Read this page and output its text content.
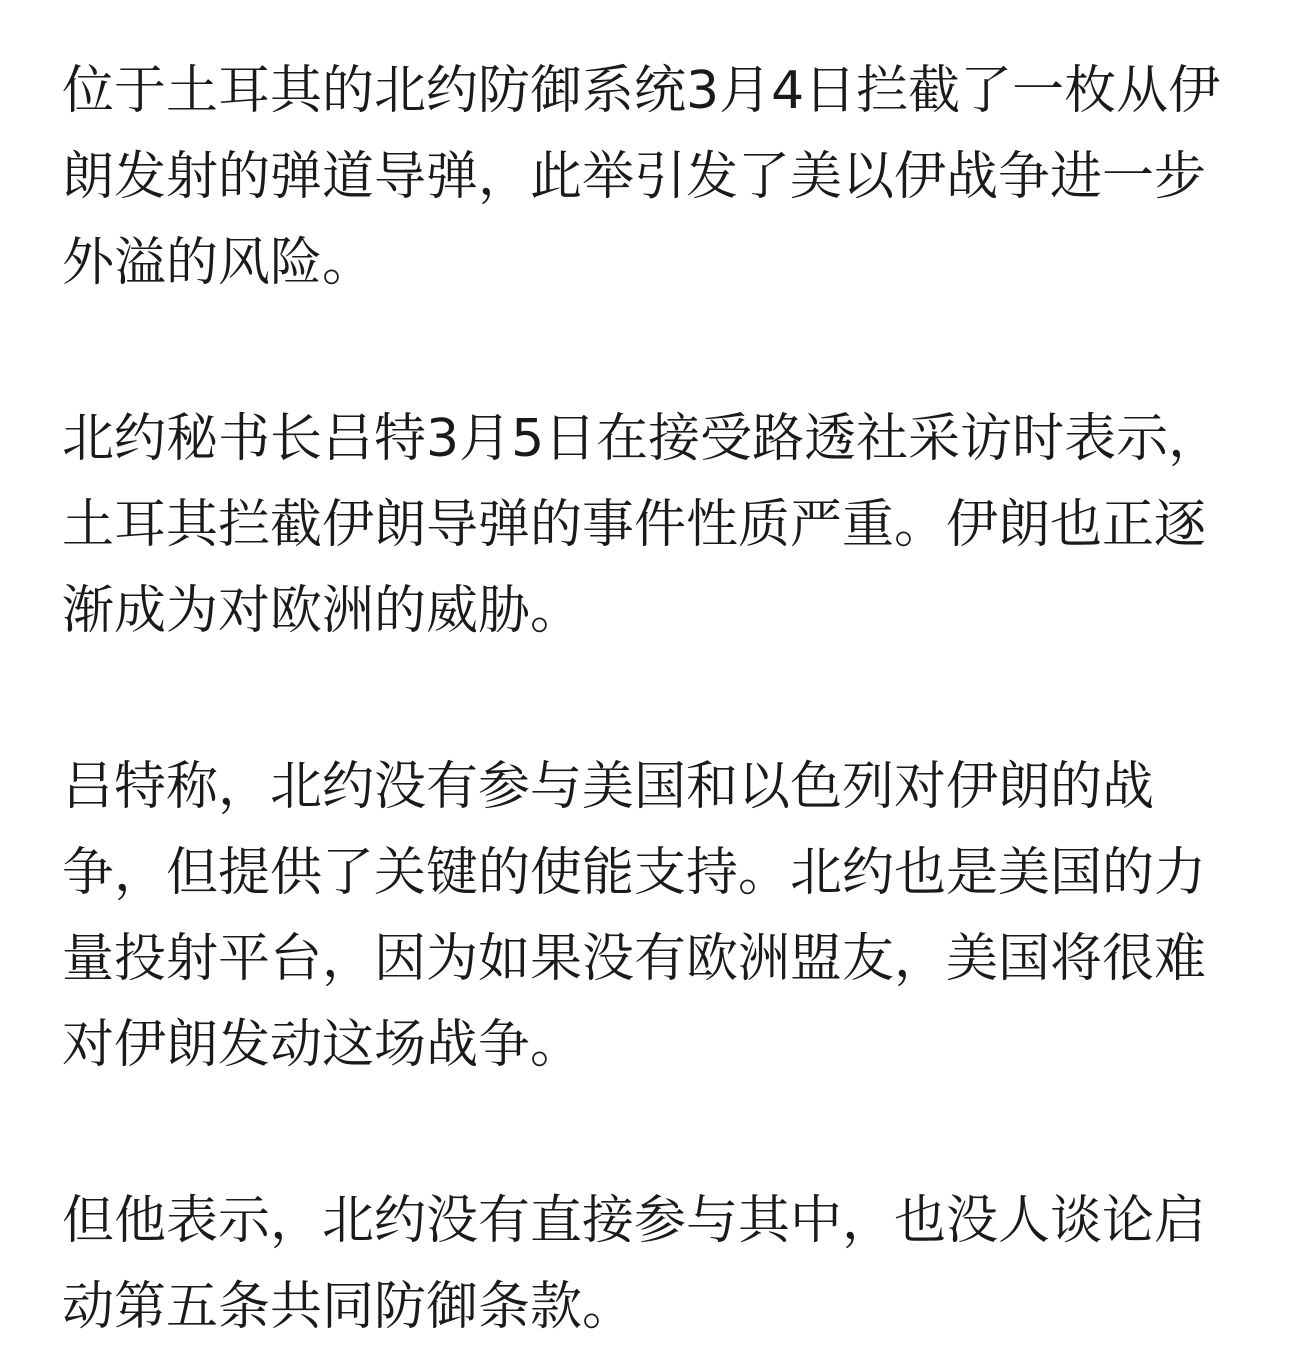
位于土耳其的北约防御系统3月4日拦截了一枚从伊朗发射的弹道导弹，此举引发了美以伊战争进一步外溢的风险。

北约秘书长吕特3月5日在接受路透社采访时表示，土耳其拦截伊朗导弹的事件性质严重。伊朗也正逐渐成为对欧洲的威胁。

吕特称，北约没有参与美国和以色列对伊朗的战争，但提供了关键的使能支持。北约也是美国的力量投射平台，因为如果没有欧洲盟友，美国将很难对伊朗发动这场战争。

但他表示，北约没有直接参与其中，也没人谈论启动第五条共同防御条款。
